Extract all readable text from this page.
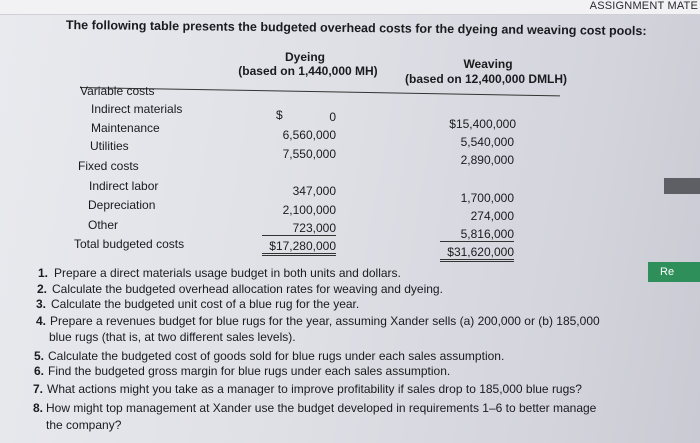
ASSIGNMENT MATE
The following table presents the budgeted overhead costs for the dyeing and weaving cost pools:
Dyeing
(based on 1,440,000 MH)	Weaving
(based on 12,400,000 DMLH)
Variable costs
Indirect materials
Maintenance
Utilities
Fixed costs
Indirect labor
Depreciation
Other
Total budgeted costs
$	0
6,560,000
7,550,000
347,000
2,100,000
723,000
$17,280,000
$15,400,000
5,540,000
2,890,000
1,700,000
274,000
5,816,000
$31,620,000
1. Prepare a direct materials usage budget in both units and dollars.
2. Calculate the budgeted overhead allocation rates for weaving and dyeing.
3. Calculate the budgeted unit cost of a blue rug for the year.
4. Prepare a revenues budget for blue rugs for the year, assuming Xander sells (a) 200,000 or (b) 185,000
blue rugs (that is, at two different sales levels).
5. Calculate the budgeted cost of goods sold for blue rugs under each sales assumption.
6. Find the budgeted gross margin for blue rugs under each sales assumption.
7. What actions might you take as a manager to improve profitability if sales drop to 185,000 blue rugs?
8. How might top management at Xander use the budget developed in requirements 1–6 to better manage
the company?
Re
